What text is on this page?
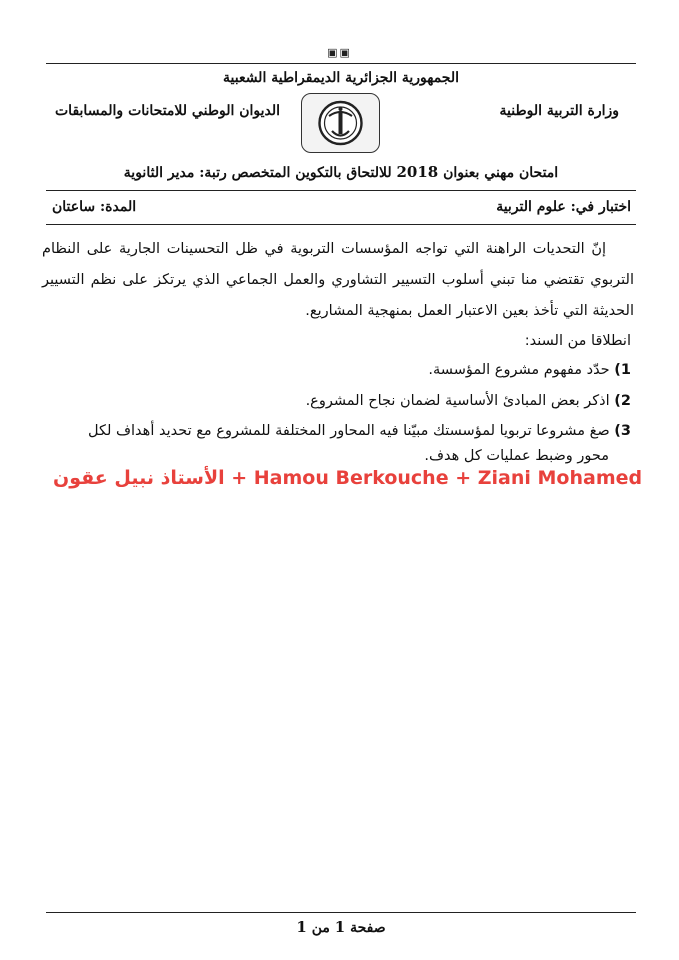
▣▣
الجمهورية الجزائرية الديمقراطية الشعبية
وزارة التربية الوطنية
الديوان الوطني للامتحانات والمسابقات
امتحان مهني بعنوان 2018 للالتحاق بالتكوين المتخصص رتبة: مدير الثانوية
اختبار في: علوم التربية
المدة: ساعتان
إنّ التحديات الراهنة التي تواجه المؤسسات التربوية في ظل التحسينات الجارية على النظام التربوي تقتضي منا تبني أسلوب التسيير التشاوري والعمل الجماعي الذي يرتكز على نظم التسيير الحديثة التي تأخذ بعين الاعتبار العمل بمنهجية المشاريع.
انطلاقا من السند:
1) حدّد مفهوم مشروع المؤسسة.
2) اذكر بعض المبادئ الأساسية لضمان نجاح المشروع.
3) صغ مشروعا تربويا لمؤسستك مبيّنا فيه المحاور المختلفة للمشروع مع تحديد أهداف لكل
محور وضبط عمليات كل هدف.
الأستاذ نبيل عقون + Hamou Berkouche + Ziani Mohamed
صفحة 1 من 1
